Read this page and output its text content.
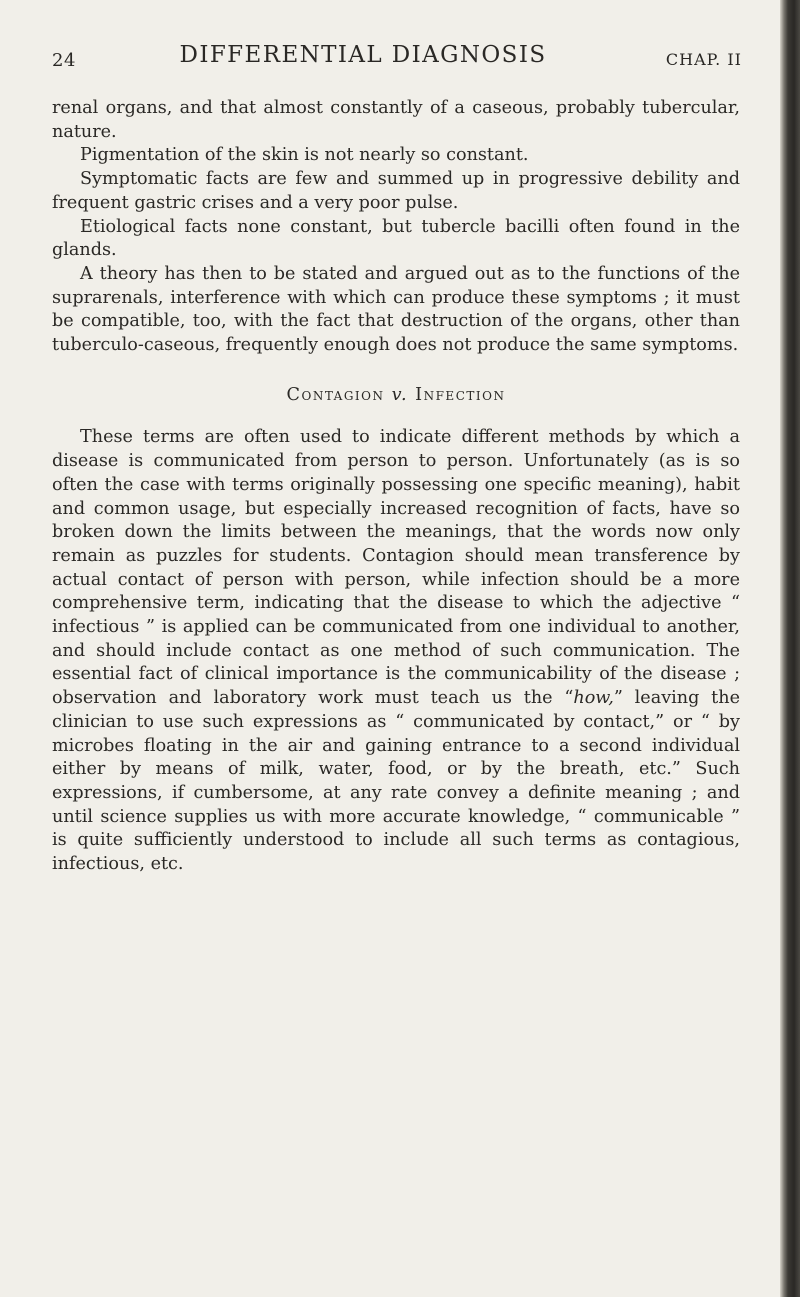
24	DIFFERENTIAL DIAGNOSIS	CHAP. II

renal organs, and that almost constantly of a caseous, probably tubercular, nature.

Pigmentation of the skin is not nearly so constant.

Symptomatic facts are few and summed up in progressive debility and frequent gastric crises and a very poor pulse.

Etiological facts none constant, but tubercle bacilli often found in the glands.

A theory has then to be stated and argued out as to the functions of the suprarenals, interference with which can produce these symptoms ; it must be compatible, too, with the fact that destruction of the organs, other than tuberculo-caseous, frequently enough does not produce the same symptoms.

Contagion v. Infection

These terms are often used to indicate different methods by which a disease is communicated from person to person. Unfortunately (as is so often the case with terms originally possessing one specific meaning), habit and common usage, but especially increased recognition of facts, have so broken down the limits between the meanings, that the words now only remain as puzzles for students. Contagion should mean transference by actual contact of person with person, while infection should be a more comprehensive term, indicating that the disease to which the adjective “ infectious ” is applied can be communicated from one individual to another, and should include contact as one method of such communication. The essential fact of clinical importance is the communicability of the disease ; observation and laboratory work must teach us the “how,” leaving the clinician to use such expressions as “ communicated by contact,” or “ by microbes floating in the air and gaining entrance to a second individual either by means of milk, water, food, or by the breath, etc.” Such expressions, if cumbersome, at any rate convey a definite meaning ; and until science supplies us with more accurate knowledge, “ communicable ” is quite sufficiently understood to include all such terms as contagious, infectious, etc.
